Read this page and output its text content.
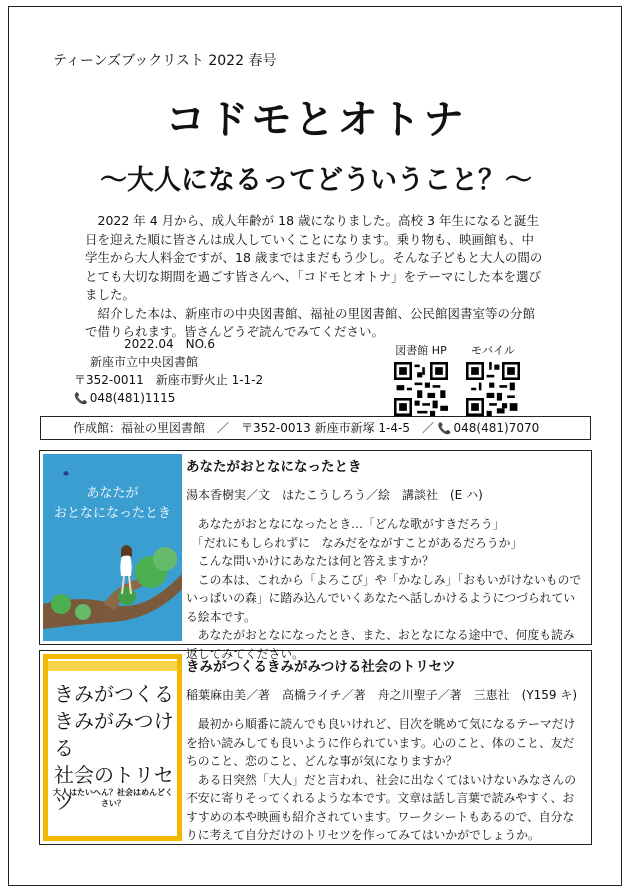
ティーンズブックリスト 2022 春号
コドモとオトナ
～大人になるってどういうこと？～

2022 年 4 月から、成人年齢が 18 歳になりました。高校 3 年生になると誕生日を迎えた順に皆さんは成人していくことになります。乗り物も、映画館も、中学生から大人料金ですが、18 歳まではまだもう少し。そんな子どもと大人の間のとても大切な期間を過ごす皆さんへ、「コドモとオトナ」をテーマにした本を選びました。

紹介した本は、新座市の中央図書館、福祉の里図書館、公民館図書室等の分館で借りられます。皆さんどうぞ読んでみてください。

2022.04　NO.6
新座市立中央図書館
〒352-0011　新座市野火止 1-1-2
📞 048(481)1115
図書館 HP	モバイル
作成館：福祉の里図書館　／　〒352-0013 新座市新塚 1-4-5　／ 📞 048(481)7070
あなたが
おとなになったとき
あなたがおとなになったとき
湯本香樹実／文　はたこうしろう／絵　講談社　(E ハ)

あなたがおとなになったとき…「どんな歌がすきだろう」

「だれにもしられずに　なみだをながすことがあるだろうか」

こんな問いかけにあなたは何と答えますか？

この本は、これから「よろこび」や「かなしみ」「おもいがけないものでいっぱいの森」に踏み込んでいくあなたへ話しかけるようにつづられている絵本です。

あなたがおとなになったとき、また、おとなになる途中で、何度も読み返してみてください。

きみがつくる
きみがみつける
社会のトリセツ
大人はたいへん？社会はめんどくさい？
きみがつくるきみがみつける社会のトリセツ
稲葉麻由美／著　高橋ライチ／著　舟之川聖子／著　三恵社　(Y159 キ)

最初から順番に読んでも良いけれど、目次を眺めて気になるテーマだけを拾い読みしても良いように作られています。心のこと、体のこと、友だちのこと、恋のこと、どんな事が気になりますか？

ある日突然「大人」だと言われ、社会に出なくてはいけないみなさんの不安に寄りそってくれるような本です。文章は話し言葉で読みやすく、おすすめの本や映画も紹介されています。ワークシートもあるので、自分なりに考えて自分だけのトリセツを作ってみてはいかがでしょうか。
